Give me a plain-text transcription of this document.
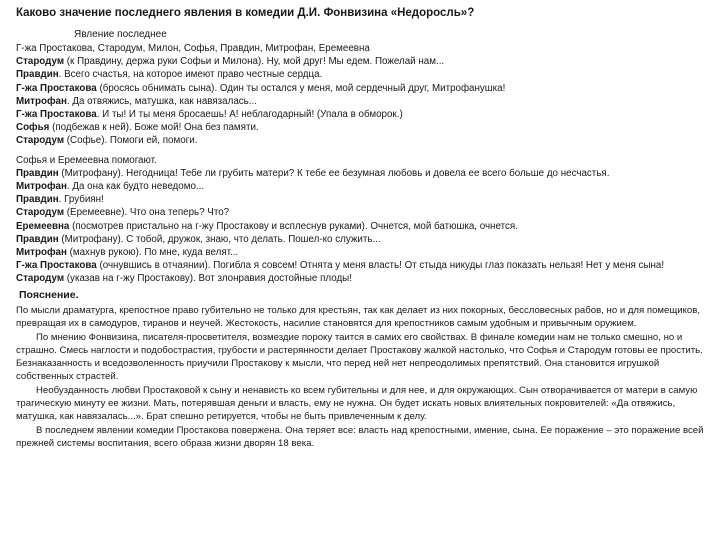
Каково значение последнего явления в комедии Д.И. Фонвизина «Недоросль»?
Явление последнее
Г-жа Простакова, Стародум, Милон, Софья, Правдин, Митрофан, Еремеевна
Стародум (к Правдину, держа руки Софьи и Милона). Ну, мой друг! Мы едем. Пожелай нам...
Правдин. Всего счастья, на которое имеют право честные сердца.
Г-жа Простакова (бросясь обнимать сына). Один ты остался у меня, мой сердечный друг, Митрофанушка!
Митрофан. Да отвяжись, матушка, как навязалась...
Г-жа Простакова. И ты! И ты меня бросаешь! А! неблагодарный! (Упала в обморок.)
Софья (подбежав к ней). Боже мой! Она без памяти.
Стародум (Софье). Помоги ей, помоги.
Софья и Еремеевна помогают.
Правдин (Митрофану). Негодница! Тебе ли грубить матери? К тебе ее безумная любовь и довела ее всего больше до несчастья.
Митрофан. Да она как будто неведомо...
Правдин. Грубиян!
Стародум (Еремеевне). Что она теперь? Что?
Еремеевна (посмотрев пристально на г-жу Простакову и всплеснув руками). Очнется, мой батюшка, очнется.
Правдин (Митрофану). С тобой, дружок, знаю, что делать. Пошел-ко служить...
Митрофан (махнув рукою). По мне, куда велят...
Г-жа Простакова (очнувшись в отчаянии). Погибла я совсем! Отнята у меня власть! От стыда никуды глаз показать нельзя! Нет у меня сына!
Стародум (указав на г-жу Простакову). Вот злонравия достойные плоды!
Пояснение.
По мысли драматурга, крепостное право губительно не только для крестьян, так как делает из них покорных, бессловесных рабов, но и для помещиков, превращая их в самодуров, тиранов и неучей. Жестокость, насилие становятся для крепостников самым удобным и привычным оружием.
По мнению Фонвизина, писателя-просветителя, возмездие пороку таится в самих его свойствах. В финале комедии нам не только смешно, но и страшно. Смесь наглости и подобострастия, грубости и растерянности делает Простакову жалкой настолько, что Софья и Стародум готовы ее простить. Безнаказанность и вседозволенность приучили Простакову к мысли, что перед ней нет непреодолимых препятствий. Она становится игрушкой собственных страстей.
Необузданность любви Простаковой к сыну и ненависть ко всем губительны и для нее, и для окружающих. Сын отворачивается от матери в самую трагическую минуту ее жизни. Мать, потерявшая деньги и власть, ему не нужна. Он будет искать новых влиятельных покровителей: «Да отвяжись, матушка, как навязалась...». Брат спешно ретируется, чтобы не быть привлеченным к делу.
В последнем явлении комедии Простакова повержена. Она теряет все: власть над крепостными, имение, сына. Ее поражение – это поражение всей прежней системы воспитания, всего образа жизни дворян 18 века.
